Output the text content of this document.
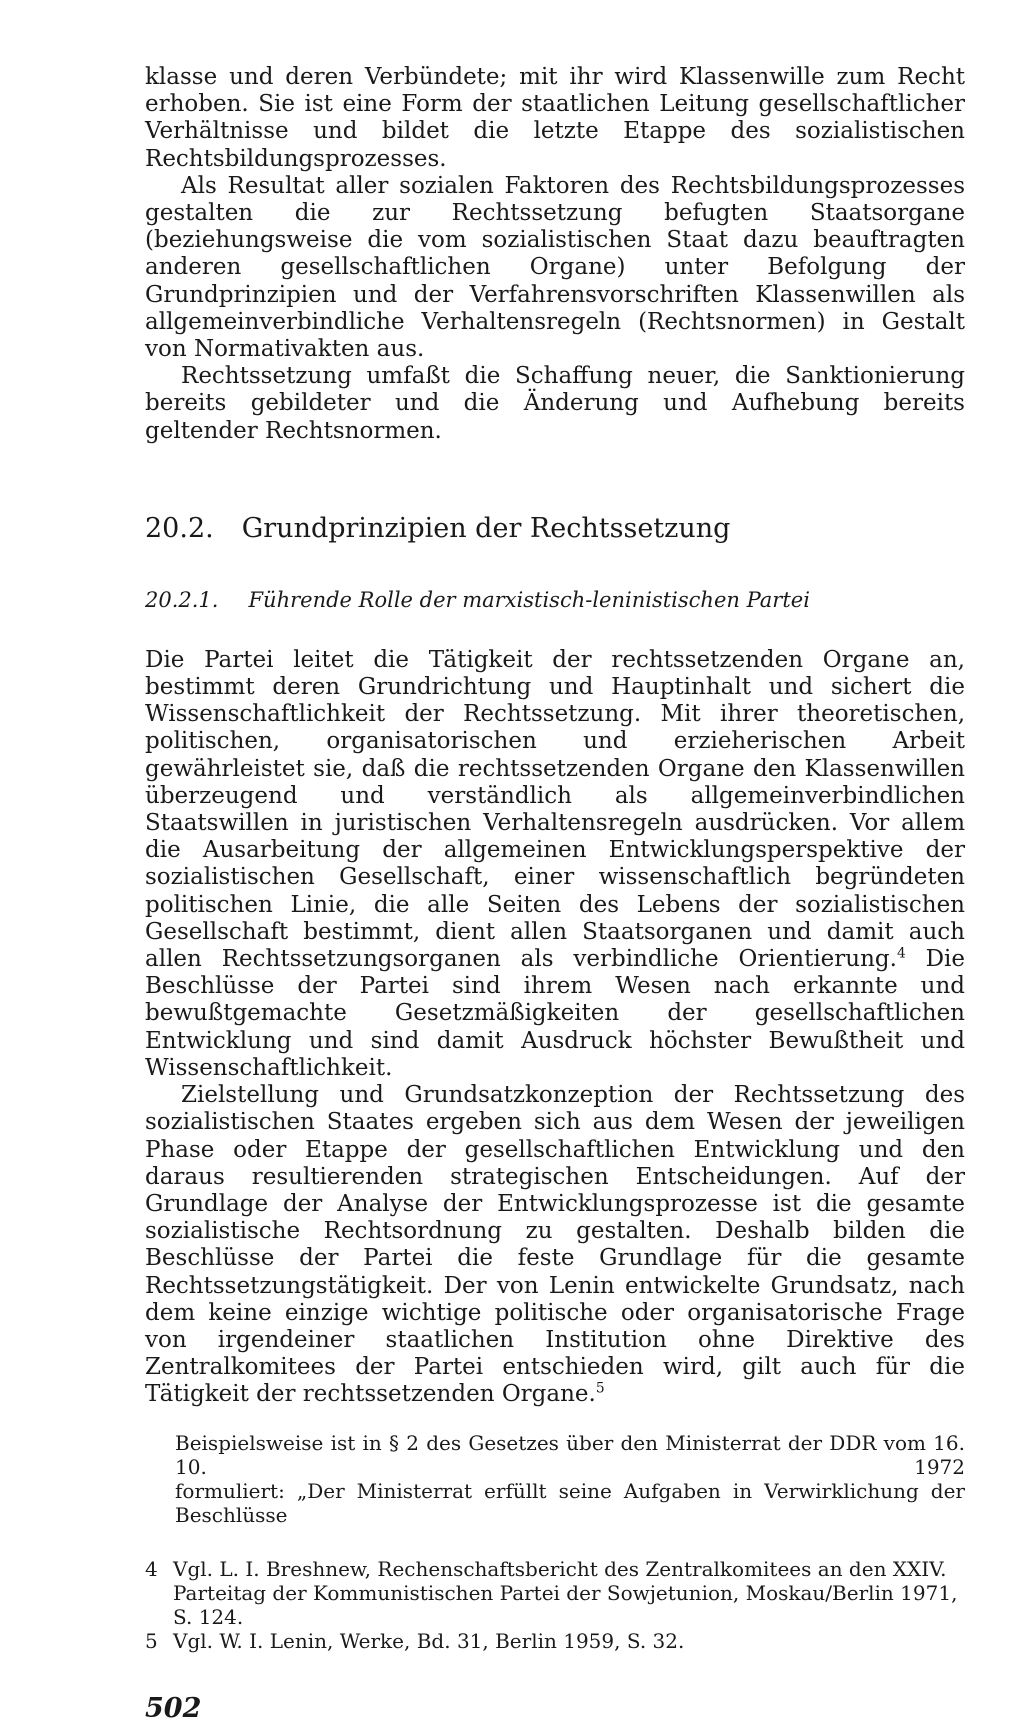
klasse und deren Verbündete; mit ihr wird Klassenwille zum Recht erhoben. Sie ist eine Form der staatlichen Leitung gesellschaftlicher Verhältnisse und bildet die letzte Etappe des sozialistischen Rechtsbildungsprozesses.

Als Resultat aller sozialen Faktoren des Rechtsbildungsprozesses gestalten die zur Rechtssetzung befugten Staatsorgane (beziehungsweise die vom sozialistischen Staat dazu beauftragten anderen gesellschaftlichen Organe) unter Befolgung der Grundprinzipien und der Verfahrensvorschriften Klassenwillen als allgemeinverbindliche Verhaltensregeln (Rechtsnormen) in Gestalt von Normativakten aus.

Rechtssetzung umfaßt die Schaffung neuer, die Sanktionierung bereits gebildeter und die Änderung und Aufhebung bereits geltender Rechtsnormen.

20.2. Grundprinzipien der Rechtssetzung
20.2.1. Führende Rolle der marxistisch-leninistischen Partei

Die Partei leitet die Tätigkeit der rechtssetzenden Organe an, bestimmt deren Grundrichtung und Hauptinhalt und sichert die Wissenschaftlichkeit der Rechtssetzung. Mit ihrer theoretischen, politischen, organisatorischen und erzieherischen Arbeit gewährleistet sie, daß die rechtssetzenden Organe den Klassenwillen überzeugend und verständlich als allgemeinverbindlichen Staatswillen in juristischen Verhaltensregeln ausdrücken. Vor allem die Ausarbeitung der allgemeinen Entwicklungsperspektive der sozialistischen Gesellschaft, einer wissenschaftlich begründeten politischen Linie, die alle Seiten des Lebens der sozialistischen Gesellschaft bestimmt, dient allen Staatsorganen und damit auch allen Rechtssetzungsorganen als verbindliche Orientierung.$^4$ Die Beschlüsse der Partei sind ihrem Wesen nach erkannte und bewußtgemachte Gesetzmäßigkeiten der gesellschaftlichen Entwicklung und sind damit Ausdruck höchster Bewußtheit und Wissenschaftlichkeit.

Zielstellung und Grundsatzkonzeption der Rechtssetzung des sozialistischen Staates ergeben sich aus dem Wesen der jeweiligen Phase oder Etappe der gesellschaftlichen Entwicklung und den daraus resultierenden strategischen Entscheidungen. Auf der Grundlage der Analyse der Entwicklungsprozesse ist die gesamte sozialistische Rechtsordnung zu gestalten. Deshalb bilden die Beschlüsse der Partei die feste Grundlage für die gesamte Rechtssetzungstätigkeit. Der von Lenin entwickelte Grundsatz, nach dem keine einzige wichtige politische oder organisatorische Frage von irgendeiner staatlichen Institution ohne Direktive des Zentralkomitees der Partei entschieden wird, gilt auch für die Tätigkeit der rechtssetzenden Organe.$^5$

Beispielsweise ist in § 2 des Gesetzes über den Ministerrat der DDR vom 16. 10. 1972
formuliert: „Der Ministerrat erfüllt seine Aufgaben in Verwirklichung der Beschlüsse
4 Vgl. L. I. Breshnew, Rechenschaftsbericht des Zentralkomitees an den XXIV. Parteitag der Kommunistischen Partei der Sowjetunion, Moskau/Berlin 1971, S. 124.
5 Vgl. W. I. Lenin, Werke, Bd. 31, Berlin 1959, S. 32.
502
